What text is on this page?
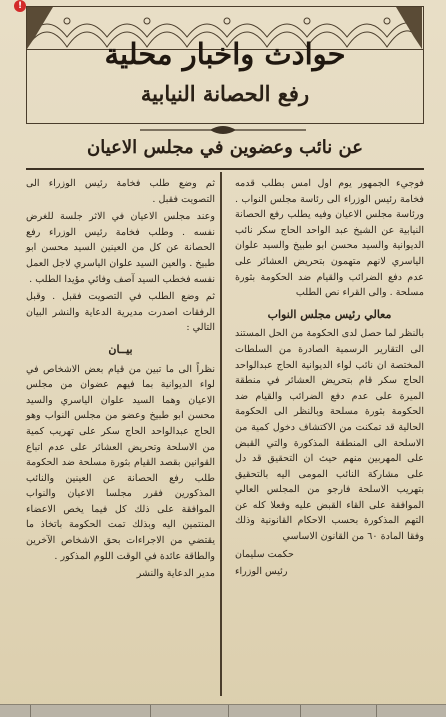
!
حوادث واخبار محلية
رفع الحصانة النيابية
عن نائب وعضوين في مجلس الاعيان

فوجيء الجمهور يوم اول امس بطلب قدمه فخامة رئيس الوزراء الى رئاسة مجلس النواب . ورئاسة مجلس الاعيان وفيه يطلب رفع الحصانة النيابية عن الشيخ عبد الواحد الحاج سكر نائب الديوانية والسيد محسن ابو طبيخ والسيد علوان الياسري لانهم متهمون بتحريض العشائر على عدم دفع الضرائب والقيام ضد الحكومة بثورة مسلحة . والى القراء نص الطلب

معالي رئيس مجلس النواب

بالنظر لما حصل لدى الحكومة من الحل المستند الى التقارير الرسمية الصادرة من السلطات المختصة ان نائب لواء الديوانية الحاج عبدالواحد الحاج سكر قام بتحريض العشائر في منطقة الميرة على عدم دفع الضرائب والقيام ضد الحكومة بثورة مسلحة وبالنظر الى الحكومة الحالية قد تمكنت من الاكتشاف دخول كمية من الاسلحة الى المنطقة المذكورة والتي القبض على المهربين منهم حيث ان التحقيق قد دل على مشاركة النائب المومى اليه بالتحقيق بتهريب الاسلحة فارجو من المجلس العالي الموافقة على القاء القبض عليه وفعلا كله عن التهم المذكورة بحسب الاحكام القانونية وذلك وفقا المادة ٦٠ من القانون الاساسي

حكمت سليمان

رئيس الوزراء

ثم وضع طلب فخامة رئيس الوزراء الى التصويت فقبل .

وعند مجلس الاعيان في الاثر جلسة للغرض نفسه . وطلب فخامة رئيس الوزراء رفع الحصانة عن كل من العينين السيد محسن ابو طبيخ . والعين السيد علوان الياسري لاجل العمل نفسه فخطب السيد آصف وفائي مؤيدا الطلب .

ثم وضع الطلب في التصويت فقبل . وقبل الرفقات اصدرت مديرية الدعاية والنشر البيان التالي :

بيــان

نظراً الى ما تبين من قيام بعض الاشخاص في لواء الديوانية بما فيهم عضوان من مجلس الاعيان وهما السيد علوان الياسري والسيد محسن ابو طبيخ وعضو من مجلس النواب وهو الحاج عبدالواحد الحاج سكر على تهريب كمية من الاسلحة وتحريض العشائر على عدم اتباع القوانين بقصد القيام بثورة مسلحة ضد الحكومة طلب رفع الحصانة عن العينين والنائب المذكورين فقرر مجلسا الاعيان والنواب الموافقة على ذلك كل فيما يخص الاعضاء المنتمين اليه وبذلك تمت الحكومة باتخاذ ما يقتضي من الاجراءات بحق الاشخاص الآخرين والطاقة عائدة في الوقت اللوم المذكور .

مدير الدعاية والنشر
